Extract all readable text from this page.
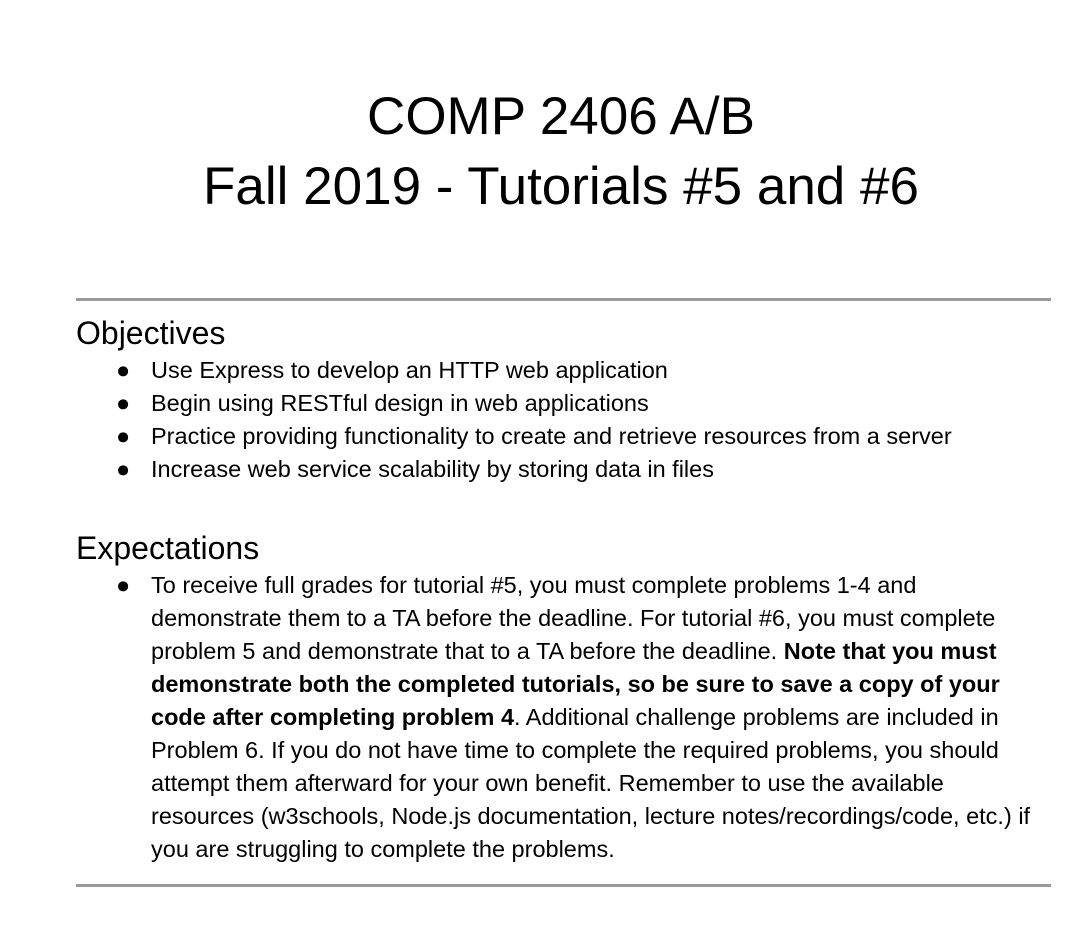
COMP 2406 A/B
Fall 2019 - Tutorials #5 and #6
Objectives
● Use Express to develop an HTTP web application
● Begin using RESTful design in web applications
● Practice providing functionality to create and retrieve resources from a server
● Increase web service scalability by storing data in files
Expectations
● To receive full grades for tutorial #5, you must complete problems 1-4 and demonstrate them to a TA before the deadline. For tutorial #6, you must complete problem 5 and demonstrate that to a TA before the deadline. Note that you must demonstrate both the completed tutorials, so be sure to save a copy of your code after completing problem 4. Additional challenge problems are included in Problem 6. If you do not have time to complete the required problems, you should attempt them afterward for your own benefit. Remember to use the available resources (w3schools, Node.js documentation, lecture notes/recordings/code, etc.) if you are struggling to complete the problems.
